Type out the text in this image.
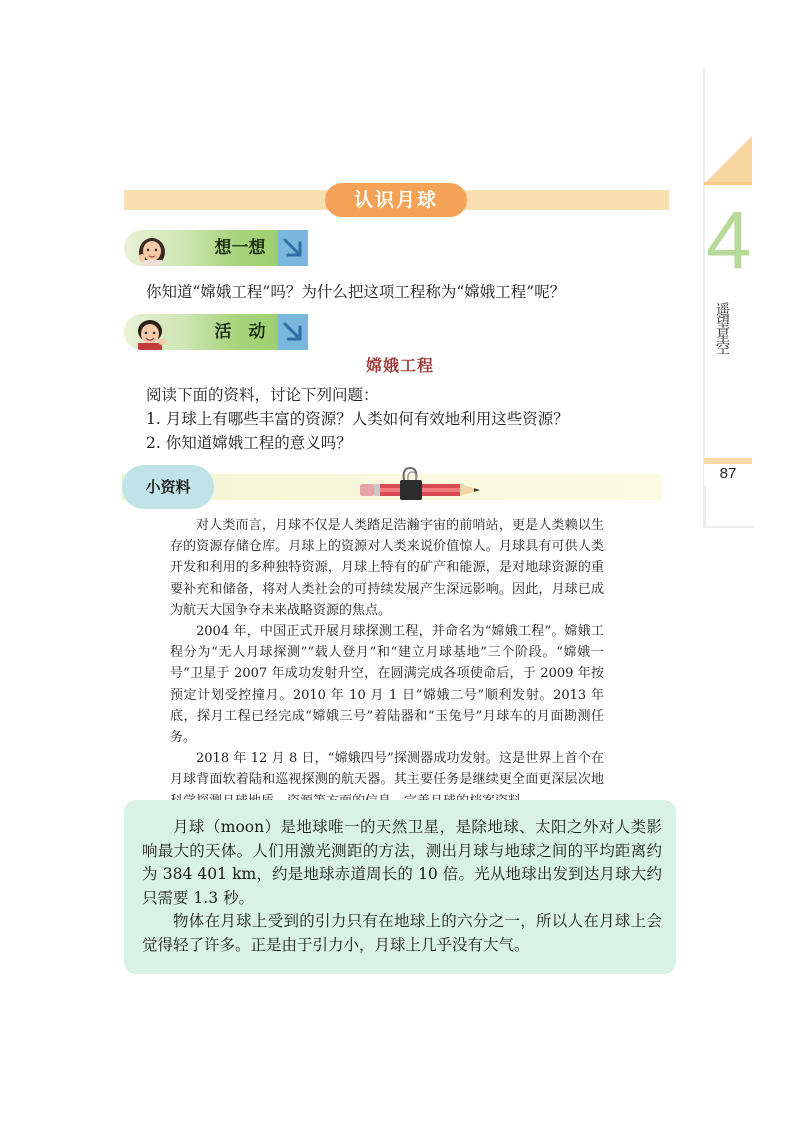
4
遥望星空
87
认识月球
想一想
你知道“嫦娥工程”吗？为什么把这项工程称为“嫦娥工程”呢？
活　动
嫦娥工程
阅读下面的资料，讨论下列问题：
1. 月球上有哪些丰富的资源？人类如何有效地利用这些资源？
2. 你知道嫦娥工程的意义吗？
小资料

对人类而言，月球不仅是人类踏足浩瀚宇宙的前哨站，更是人类赖以生存的资源存储仓库。月球上的资源对人类来说价值惊人。月球具有可供人类开发和利用的多种独特资源，月球上特有的矿产和能源，是对地球资源的重要补充和储备，将对人类社会的可持续发展产生深远影响。因此，月球已成为航天大国争夺未来战略资源的焦点。

2004 年，中国正式开展月球探测工程，并命名为“嫦娥工程”。嫦娥工程分为“无人月球探测”“载人登月”和“建立月球基地”三个阶段。“嫦娥一号”卫星于 2007 年成功发射升空，在圆满完成各项使命后，于 2009 年按预定计划受控撞月。2010 年 10 月 1 日“嫦娥二号”顺利发射。2013 年底，探月工程已经完成“嫦娥三号”着陆器和“玉兔号”月球车的月面勘测任务。

2018 年 12 月 8 日，“嫦娥四号”探测器成功发射。这是世界上首个在月球背面软着陆和巡视探测的航天器。其主要任务是继续更全面更深层次地

月球（moon）是地球唯一的天然卫星，是除地球、太阳之外对人类影响最大的天体。人们用激光测距的方法，测出月球与地球之间的平均距离约为 384 401 km，约是地球赤道周长的 10 倍。光从地球出发到达月球大约只需要 1.3 秒。

物体在月球上受到的引力只有在地球上的六分之一，所以人在月球上会觉得轻了许多。正是由于引力小，月球上几乎没有大气。
